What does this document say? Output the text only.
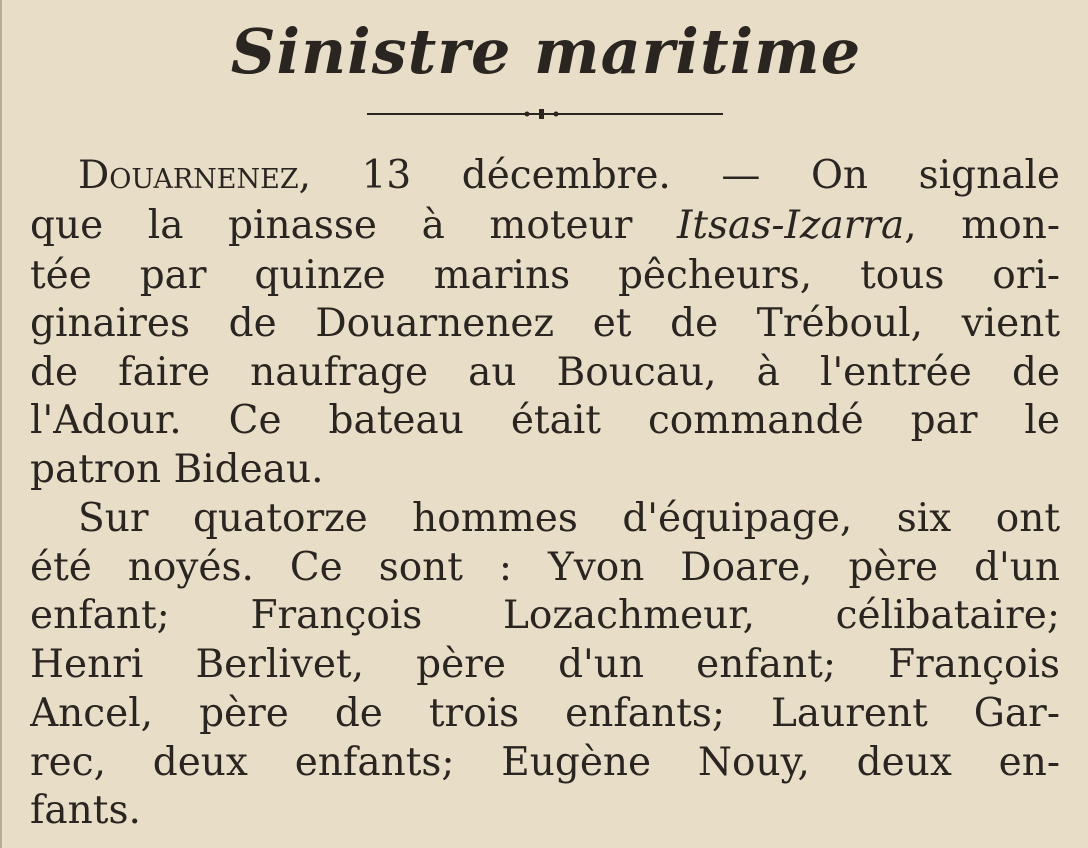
Sinistre maritime
Douarnenez, 13 décembre. — On signale
que la pinasse à moteur Itsas-Izarra, mon-
tée par quinze marins pêcheurs, tous ori-
ginaires de Douarnenez et de Tréboul, vient
de faire naufrage au Boucau, à l'entrée de
l'Adour. Ce bateau était commandé par le
patron Bideau.
Sur quatorze hommes d'équipage, six ont
été noyés. Ce sont : Yvon Doare, père d'un
enfant; François Lozachmeur, célibataire;
Henri Berlivet, père d'un enfant; François
Ancel, père de trois enfants; Laurent Gar-
rec, deux enfants; Eugène Nouy, deux en-
fants.
